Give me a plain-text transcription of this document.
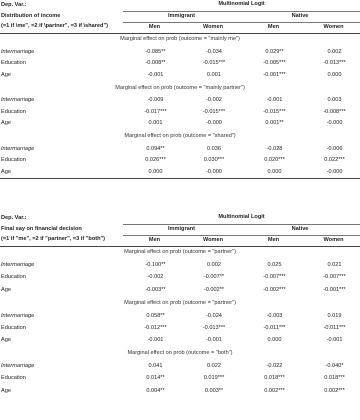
Dep. Var.:	Multinomial Logit			
Distribution of income	Immigrant		Native	
(=1 if \me", =2 if \partner", =3 if \shared")	Men	Women	Men	Women
Marginal effect on prob (outcome = "mainly me")				
Intermarriage	-0.085**	-0.034	0.029**	0.002
Education	-0.008**	-0.015***	-0.005***	-0.013***
Age	-0.001	0.001	-0.001***	0.000
Marginal effect on prob (outcome = "mainly partner")				
Intermarriage	-0.009	-0.002	-0.001	0.003
Education	-0.017***	-0.015***	-0.015***	-0.008***
Age	0.001	-0.000	0.001**	-0.000
Marginal effect on prob (outcome = "shared")				
Intermarriage	0.094**	0.036	-0.028	-0.006
Education	0.026***	0.030***	0.020***	0.022***
Age	0.000	-0.000	0.000	-0.000
Dep. Var.:	Multinomial Logit			
Final say on financial decision	Immigrant		Native	
(=1 if "me", =2 if "partner", =3 if "both")	Men	Women	Men	Women
Marginal effect on prob (outcome = "partner")				
Intermarriage	-0.100**	0.002	0.025	0.021
Education	-0.002	-0.007**	-0.007***	-0.007***
Age	-0.003**	-0.002**	-0.002***	-0.001***
Marginal effect on prob (outcome = "partner")				
Intermarriage	0.058**	-0.024	-0.003	0.019
Education	-0.012***	-0.013***	-0.011***	-0.011***
Age	-0.001	-0.001	0.000	-0.001
Marginal effect on prob (outcome = "both")				
Intermarriage	0.041	0.022	-0.022	-0.040*
Education	0.014**	0.019***	0.018***	0.018***
Age	0.004**	0.003**	0.002***	0.002***
